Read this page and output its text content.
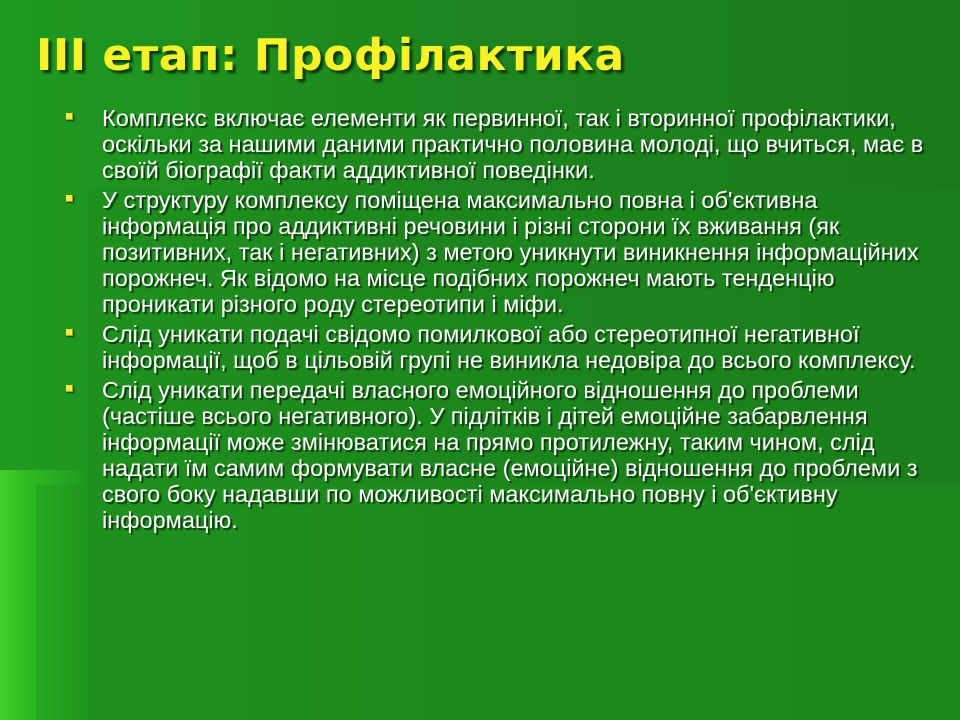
III етап: Профілактика
Комплекс включає елементи як первинної, так і вторинної профілактики, оскільки за нашими даними практично половина молоді, що вчиться, має в своїй біографії факти аддиктивної поведінки.
У структуру комплексу поміщена максимально повна і об'єктивна інформація про аддиктивні речовини і різні сторони їх вживання (як позитивних, так і негативних) з метою уникнути виникнення інформаційних порожнеч. Як відомо на місце подібних порожнеч мають тенденцію проникати різного роду стереотипи і міфи.
Слід уникати подачі свідомо помилкової або стереотипної негативної інформації, щоб в цільовій групі не виникла недовіра до всього комплексу.
Слід уникати передачі власного емоційного відношення до проблеми (частіше всього негативного). У підлітків і дітей емоційне забарвлення інформації може змінюватися на прямо протилежну, таким чином, слід надати їм самим формувати власне (емоційне) відношення до проблеми з свого боку надавши по можливості максимально повну і об'єктивну інформацію.
